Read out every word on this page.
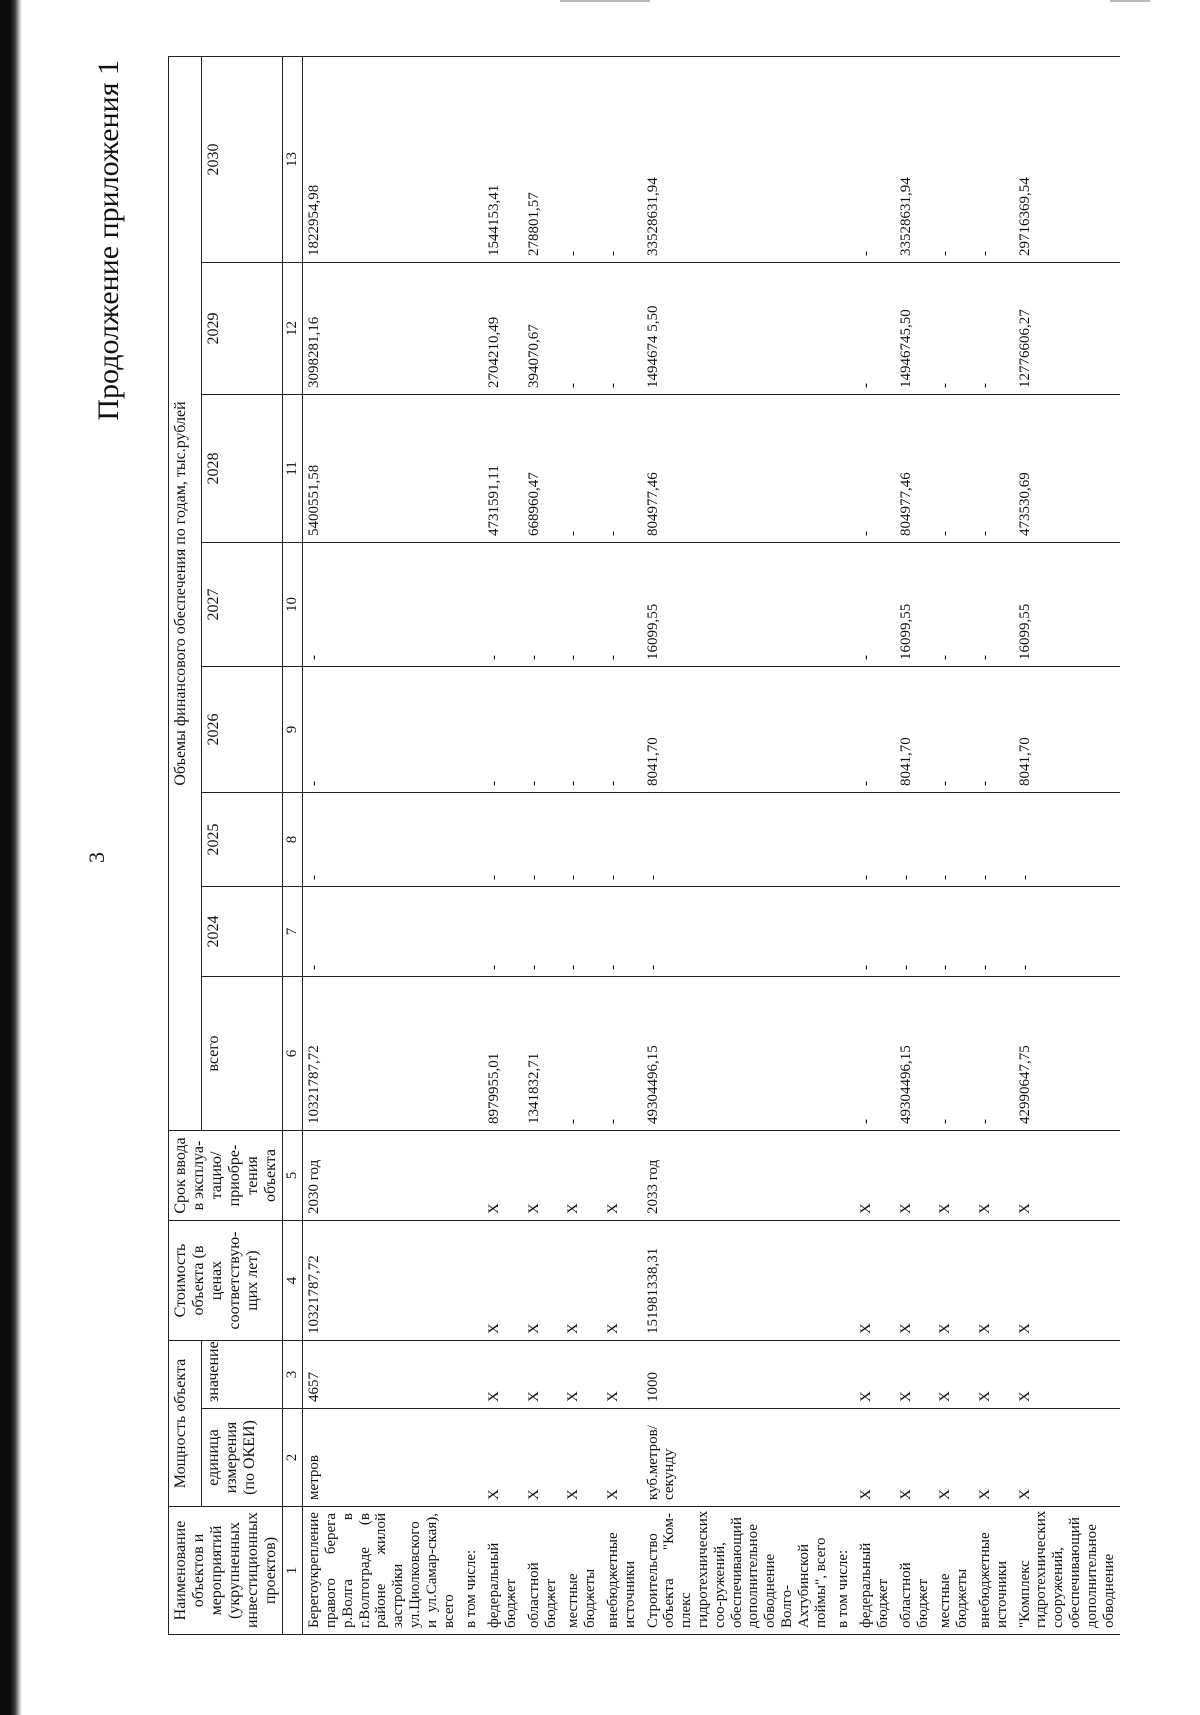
3
Продолжение приложения 1
Наименование объектов и мероприятий (укрупненных инвестиционных проектов)	Мощность объекта		Стоимость объекта (в ценах соответствую-щих лет)	Срок ввода в эксплуа-тацию/ приобре-тения объекта	Объемы финансового обеспечения по годам, тыс.рублей							
	единица измерения (по ОКЕИ)	значение			всего	2024	2025	2026	2027	2028	2029	2030
1	2	3	4	5	6	7	8	9	10	11	12	13
Берегоукрепление правого берега р.Волга в г.Волгограде (в районе жилой застройки ул.Циолковского и ул.Самар-ская), всего	метров	4657	10321787,72	2030 год	10321787,72	-	-	-	-	5400551,58	3098281,16	1822954,98
в том числе:												
федеральный бюджет	X	X	X	X	8979955,01	-	-	-	-	4731591,11	2704210,49	1544153,41
областной бюджет	X	X	X	X	1341832,71	-	-	-	-	668960,47	394070,67	278801,57
местные бюджеты	X	X	X	X	-	-	-	-	-	-	-	-
внебюджетные источники	X	X	X	X	-	-	-	-	-	-	-	-
Строительство объекта "Ком-плекс гидротехнических соо-ружений, обеспечивающий дополнительное обводнение Волго-Ахтубинской поймы", всего	куб.метров/ секунду	1000	151981338,31	2033 год	49304496,15	-	-	8041,70	16099,55	804977,46	1494674 5,50	33528631,94
в том числе:												
федеральный бюджет	X	X	X	X	-	-	-	-	-	-	-	-
областной бюджет	X	X	X	X	49304496,15	-	-	8041,70	16099,55	804977,46	14946745,50	33528631,94
местные бюджеты	X	X	X	X	-	-	-	-	-	-	-	-
внебюджетные источники	X	X	X	X	-	-	-	-	-	-	-	-
"Комплекс гидротехнических сооружений, обеспечивающий дополнительное обводнение	X	X	X	X	42990647,75	-	-	8041,70	16099,55	473530,69	12776606,27	29716369,54
